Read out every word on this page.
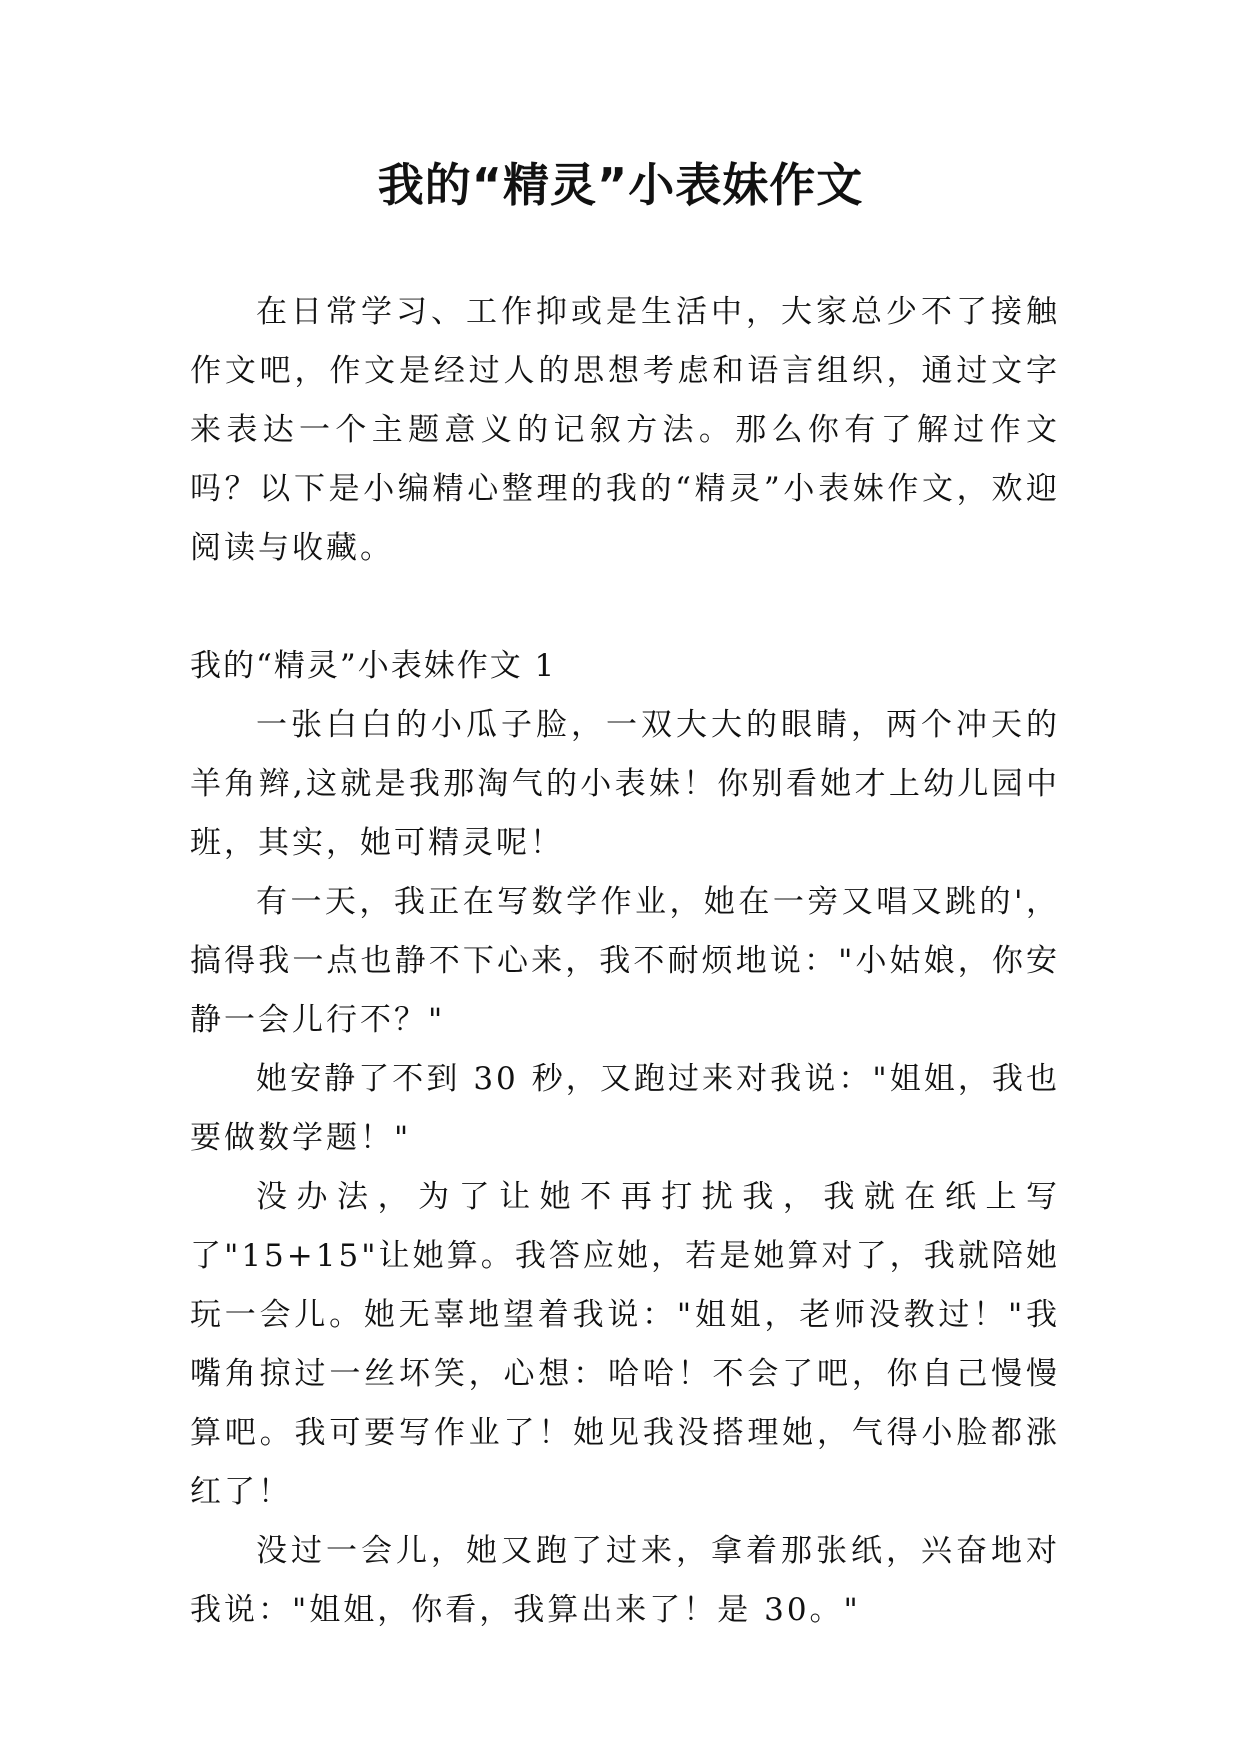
我的“精灵”小表妹作文

在日常学习、工作抑或是生活中，大家总少不了接触作文吧，作文是经过人的思想考虑和语言组织，通过文字来表达一个主题意义的记叙方法。那么你有了解过作文吗？以下是小编精心整理的我的“精灵”小表妹作文，欢迎阅读与收藏。

我的“精灵”小表妹作文 1

一张白白的小瓜子脸，一双大大的眼睛，两个冲天的羊角辫,这就是我那淘气的小表妹！你别看她才上幼儿园中班，其实，她可精灵呢！

有一天，我正在写数学作业，她在一旁又唱又跳的'，搞得我一点也静不下心来，我不耐烦地说："小姑娘，你安静一会儿行不？"

她安静了不到 30 秒，又跑过来对我说："姐姐，我也要做数学题！"

没办法，为了让她不再打扰我，我就在纸上写了"15+15"让她算。我答应她，若是她算对了，我就陪她玩一会儿。她无辜地望着我说："姐姐，老师没教过！"我嘴角掠过一丝坏笑，心想：哈哈！不会了吧，你自己慢慢算吧。我可要写作业了！她见我没搭理她，气得小脸都涨红了！

没过一会儿，她又跑了过来，拿着那张纸，兴奋地对我说："姐姐，你看，我算出来了！是 30。"
